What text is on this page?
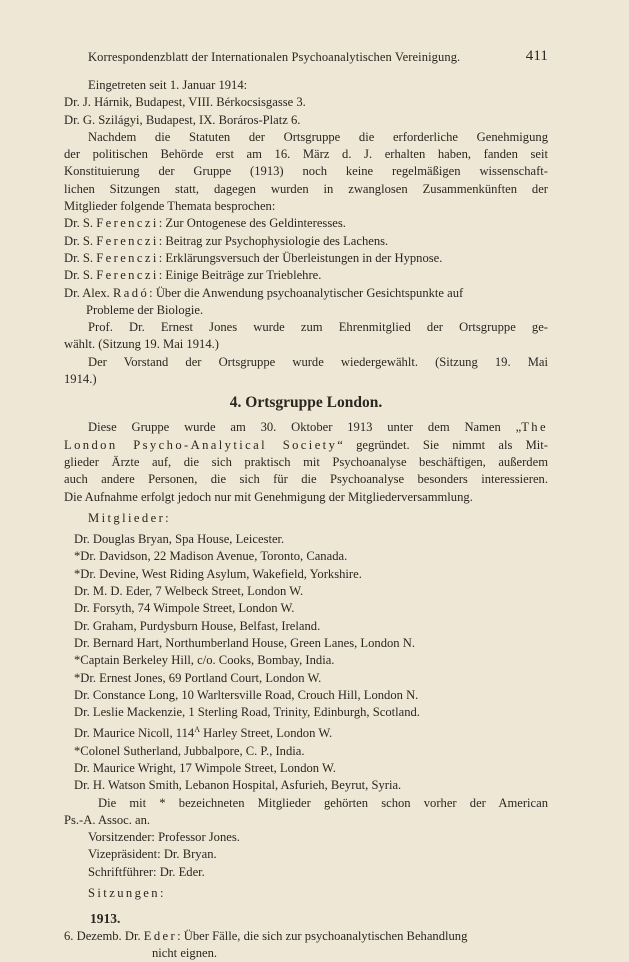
Korrespondenzblatt der Internationalen Psychoanalytischen Vereinigung.	411
Eingetreten seit 1. Januar 1914:
Dr. J. Hárnik, Budapest, VIII. Bérkocsisgasse 3.
Dr. G. Szilágyi, Budapest, IX. Boráros-Platz 6.
Nachdem die Statuten der Ortsgruppe die erforderliche Genehmigung
der politischen Behörde erst am 16. März d. J. erhalten haben, fanden seit
Konstituierung der Gruppe (1913) noch keine regelmäßigen wissenschaft-
lichen Sitzungen statt, dagegen wurden in zwanglosen Zusammenkünften der
Mitglieder folgende Themata besprochen:
Dr. S. Ferenczi: Zur Ontogenese des Geldinteresses.
Dr. S. Ferenczi: Beitrag zur Psychophysiologie des Lachens.
Dr. S. Ferenczi: Erklärungsversuch der Überleistungen in der Hypnose.
Dr. S. Ferenczi: Einige Beiträge zur Trieblehre.
Dr. Alex. Radó: Über die Anwendung psychoanalytischer Gesichtspunkte auf
Probleme der Biologie.
Prof. Dr. Ernest Jones wurde zum Ehrenmitglied der Ortsgruppe ge-
wählt. (Sitzung 19. Mai 1914.)
Der Vorstand der Ortsgruppe wurde wiedergewählt. (Sitzung 19. Mai
1914.)
4. Ortsgruppe London.
Diese Gruppe wurde am 30. Oktober 1913 unter dem Namen „The
London Psycho-Analytical Society“ gegründet. Sie nimmt als Mit-
glieder Ärzte auf, die sich praktisch mit Psychoanalyse beschäftigen, außerdem
auch andere Personen, die sich für die Psychoanalyse besonders interessieren.
Die Aufnahme erfolgt jedoch nur mit Genehmigung der Mitgliederversammlung.
Mitglieder:
Dr. Douglas Bryan, Spa House, Leicester.
*Dr. Davidson, 22 Madison Avenue, Toronto, Canada.
*Dr. Devine, West Riding Asylum, Wakefield, Yorkshire.
Dr. M. D. Eder, 7 Welbeck Street, London W.
Dr. Forsyth, 74 Wimpole Street, London W.
Dr. Graham, Purdysburn House, Belfast, Ireland.
Dr. Bernard Hart, Northumberland House, Green Lanes, London N.
*Captain Berkeley Hill, c/o. Cooks, Bombay, India.
*Dr. Ernest Jones, 69 Portland Court, London W.
Dr. Constance Long, 10 Warltersville Road, Crouch Hill, London N.
Dr. Leslie Mackenzie, 1 Sterling Road, Trinity, Edinburgh, Scotland.
Dr. Maurice Nicoll, $114^A$ Harley Street, London W.
*Colonel Sutherland, Jubbalpore, C. P., India.
Dr. Maurice Wright, 17 Wimpole Street, London W.
Dr. H. Watson Smith, Lebanon Hospital, Asfurieh, Beyrut, Syria.
Die mit * bezeichneten Mitglieder gehörten schon vorher der American
Ps.-A. Assoc. an.
Vorsitzender: Professor Jones.
Vizepräsident: Dr. Bryan.
Schriftführer: Dr. Eder.
Sitzungen:
1913.
6. Dezemb. Dr. Eder: Über Fälle, die sich zur psychoanalytischen Behandlung
nicht eignen.
